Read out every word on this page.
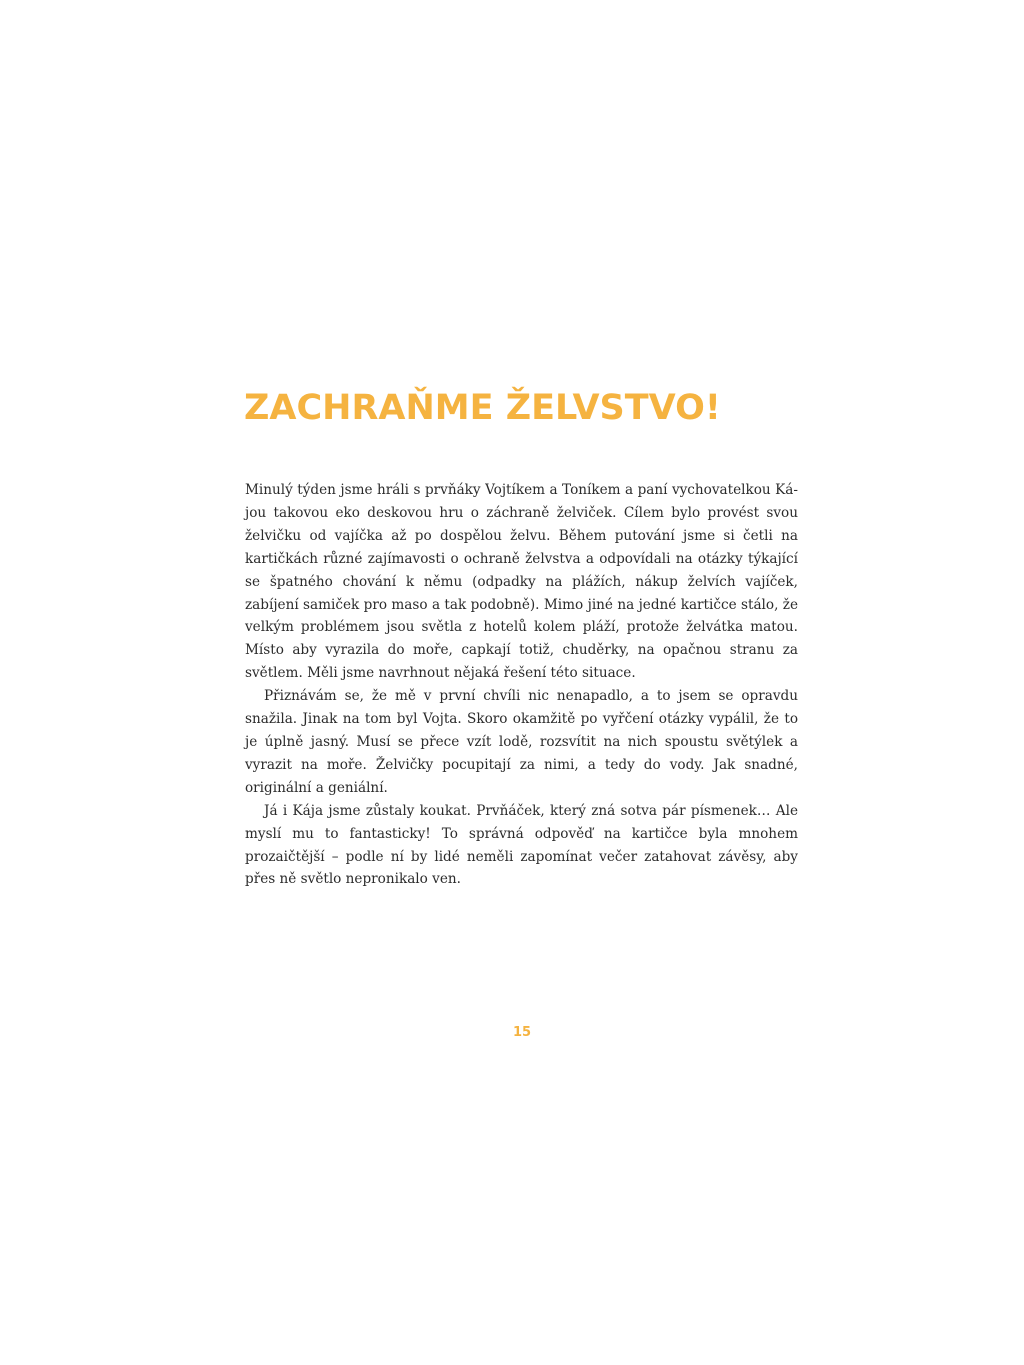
ZACHRAŇME ŽELVSTVO!

Minulý týden jsme hráli s prvňáky Vojtíkem a Toníkem a paní vychovatelkou Kájou takovou eko deskovou hru o záchraně želviček. Cílem bylo provést svou želvičku od vajíčka až po dospělou želvu. Během putování jsme si četli na kartičkách různé zajímavosti o ochraně želvstva a odpovídali na otázky týkající se špatného chování k němu (odpadky na plážích, nákup želvích vajíček, zabíjení samiček pro maso a tak podobně). Mimo jiné na jedné kartičce stálo, že velkým problémem jsou světla z hotelů kolem pláží, protože želvátka matou. Místo aby vyrazila do moře, capkají totiž, chuděrky, na opačnou stranu za světlem. Měli jsme navrhnout nějaká řešení této situace.

Přiznávám se, že mě v první chvíli nic nenapadlo, a to jsem se opravdu snažila. Jinak na tom byl Vojta. Skoro okamžitě po vyřčení otázky vypálil, že to je úplně jasný. Musí se přece vzít lodě, rozsvítit na nich spoustu světýlek a vyrazit na moře. Želvičky pocupitají za nimi, a tedy do vody. Jak snadné, originální a geniální.

Já i Kája jsme zůstaly koukat. Prvňáček, který zná sotva pár písmenek… Ale myslí mu to fantasticky! To správná odpověď na kartičce byla mnohem prozaičtější – podle ní by lidé neměli zapomínat večer zatahovat závěsy, aby přes ně světlo nepronikalo ven.

15
